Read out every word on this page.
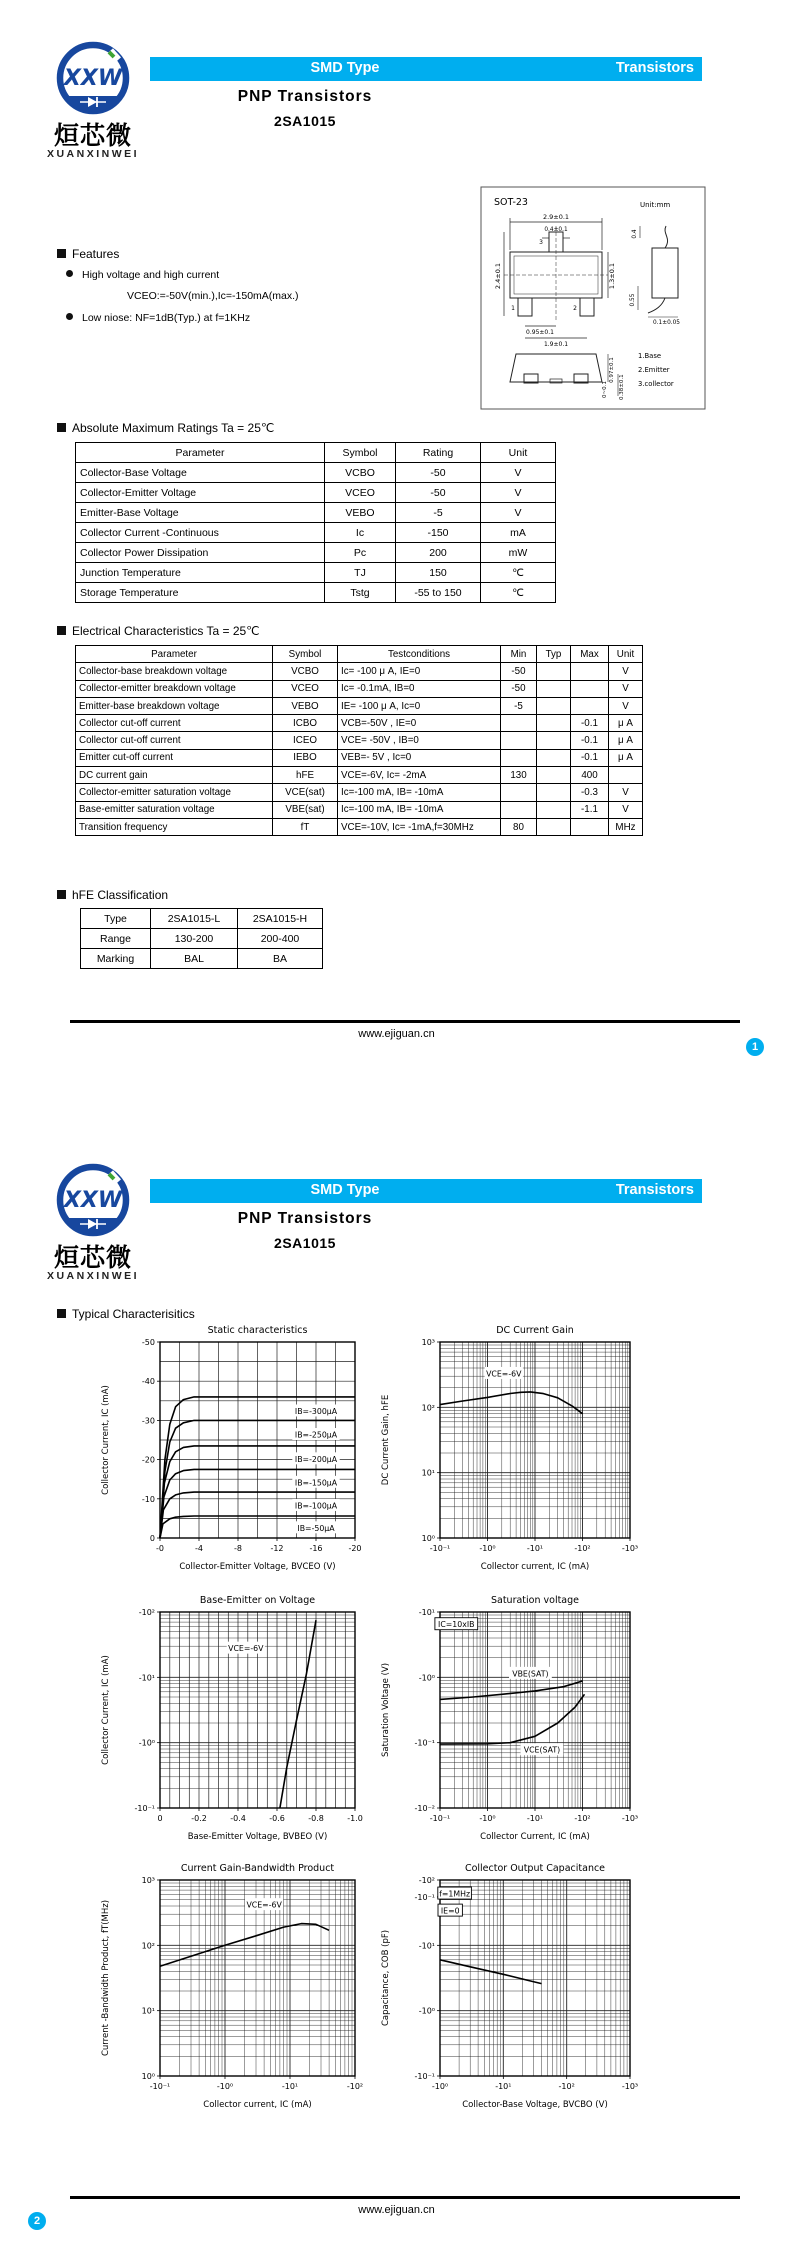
XXW
烜芯微
XUANXINWEI
SMD Type	Transistors
PNP Transistors
2SA1015
Features
High voltage and high current
VCEO:=-50V(min.),Ic=-150mA(max.)
Low niose: NF=1dB(Typ.) at f=1KHz
SOT-23	Unit:mm
2.9±0.1
0.4±0.1
2.4±0.1	1.3±0.1
0.95±0.1
1.9±0.1
3
1	2
0.4
0.55
0.1±0.05
0.97±0.1
0~0.1 0.38±0.1
1.Base
2.Emitter
3.collector
Absolute Maximum Ratings Ta = 25℃
Parameter	Symbol	Rating	Unit
Collector-Base Voltage	VCBO	-50	V
Collector-Emitter Voltage	VCEO	-50	V
Emitter-Base Voltage	VEBO	-5	V
Collector Current -Continuous	Ic	-150	mA
Collector Power Dissipation	Pc	200	mW
Junction Temperature	TJ	150	℃
Storage Temperature	Tstg	-55 to 150	℃
Electrical Characteristics Ta = 25℃
Parameter	Symbol	Testconditions	Min	Typ	Max	Unit
Collector-base breakdown voltage	VCBO	Ic= -100 μ A, IE=0	-50			V
Collector-emitter breakdown voltage	VCEO	Ic= -0.1mA, IB=0	-50			V
Emitter-base breakdown voltage	VEBO	IE= -100 μ A, Ic=0	-5			V
Collector cut-off current	ICBO	VCB=-50V , IE=0			-0.1	μ A
Collector cut-off current	ICEO	VCE= -50V , IB=0			-0.1	μ A
Emitter cut-off current	IEBO	VEB=- 5V , Ic=0			-0.1	μ A
DC current gain	hFE	VCE=-6V, Ic= -2mA	130		400	
Collector-emitter saturation voltage	VCE(sat)	Ic=-100 mA, IB= -10mA			-0.3	V
Base-emitter saturation voltage	VBE(sat)	Ic=-100 mA, IB= -10mA			-1.1	V
Transition frequency	fT	VCE=-10V, Ic= -1mA,f=30MHz	80			MHz
hFE Classification
Type	2SA1015-L	2SA1015-H
Range	130-200	200-400
Marking	BAL	BA
www.ejiguan.cn
1
XXW
烜芯微
XUANXINWEI
SMD Type	Transistors
PNP Transistors
2SA1015
Typical Characterisitics
-0	-4	-8	-12	-16	-20
0
-10
-20
-30
-40
-50
Static characteristics
Collector-Emitter Voltage, BVCEO (V)
Collector Current, IC (mA)	IB=-300µA
IB=-250µA
IB=-200µA
IB=-150µA
IB=-100µA
IB=-50µA
-10⁻¹	-10⁰	-10¹	-10²	-10³
10⁰
10¹
10²
10³
DC Current Gain
Collector current, IC (mA)
DC Current Gain, hFE
VCE=-6V
0	-0.2	-0.4	-0.6	-0.8	-1.0
-10⁻¹
-10⁰
-10¹
-10²
Base-Emitter on Voltage
Base-Emitter Voltage, BVBEO (V)
Collector Current, IC (mA)
VCE=-6V
-10⁻¹	-10⁰	-10¹	-10²	-10³
-10¹
-10⁰
-10⁻¹
-10⁻²
Saturation voltage
Collector Current, IC (mA)
Saturation Voltage (V)	VBE(SAT)
VCE(SAT)
IC=10xIB
-10⁻¹	-10⁰	-10¹	-10²
10⁰
10¹
10²
10³
Current Gain-Bandwidth Product
Collector current, IC (mA)
Current -Bandwidth Product, fT(MHz)	VCE=-6V
-10⁰	-10¹	-10²	-10³
-10²
-10⁻¹
-10¹
-10⁰
-10⁻¹
Collector Output Capacitance
Collector-Base Voltage, BVCBO (V)
Capacitance, COB (pF)
f=1MHz
IE=0
www.ejiguan.cn
2
